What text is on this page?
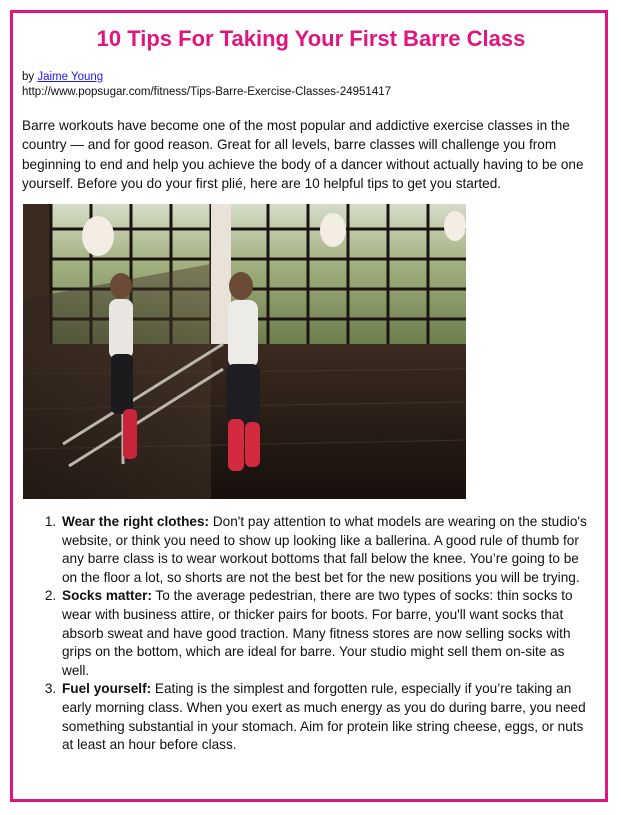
10 Tips For Taking Your First Barre Class
by Jaime Young
http://www.popsugar.com/fitness/Tips-Barre-Exercise-Classes-24951417

Barre workouts have become one of the most popular and addictive exercise classes in the country — and for good reason. Great for all levels, barre classes will challenge you from beginning to end and help you achieve the body of a dancer without actually having to be one yourself. Before you do your first plié, here are 10 helpful tips to get you started.

1. Wear the right clothes: Don't pay attention to what models are wearing on the studio's website, or think you need to show up looking like a ballerina. A good rule of thumb for any barre class is to wear workout bottoms that fall below the knee. You’re going to be on the floor a lot, so shorts are not the best bet for the new positions you will be trying.
2. Socks matter: To the average pedestrian, there are two types of socks: thin socks to wear with business attire, or thicker pairs for boots. For barre, you'll want socks that absorb sweat and have good traction. Many fitness stores are now selling socks with grips on the bottom, which are ideal for barre. Your studio might sell them on-site as well.
3. Fuel yourself: Eating is the simplest and forgotten rule, especially if you’re taking an early morning class. When you exert as much energy as you do during barre, you need something substantial in your stomach. Aim for protein like string cheese, eggs, or nuts at least an hour before class.
